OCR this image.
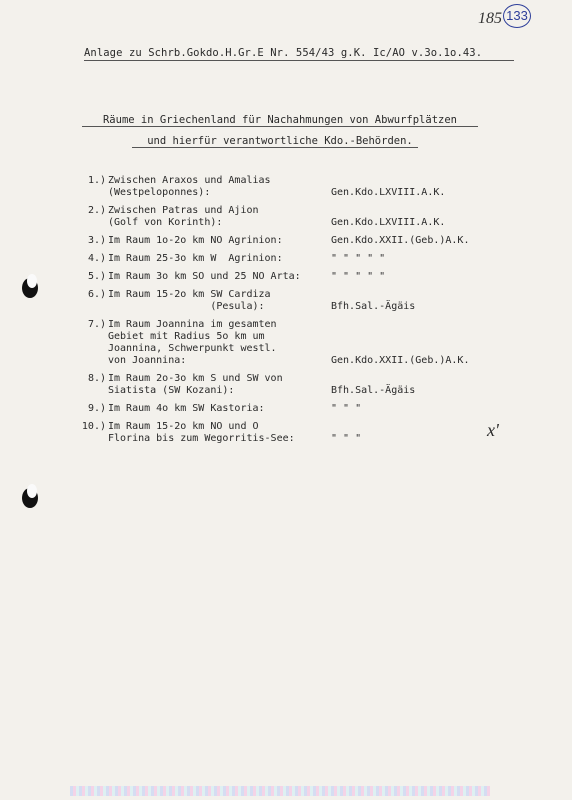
185 133
Anlage zu Schrb.Gokdo.H.Gr.E Nr. 554/43 g.K. Ic/AO v.3o.1o.43.
Räume in Griechenland für Nachahmungen von Abwurfplätzen
und hierfür verantwortliche Kdo.-Behörden.
1.) Zwischen Araxos und Amalias
(Westpeloponnes):	Gen.Kdo.LXVIII.A.K.
2.) Zwischen Patras und Ajion
(Golf von Korinth):	Gen.Kdo.LXVIII.A.K.
3.) Im Raum 1o-2o km NO Agrinion:	Gen.Kdo.XXII.(Geb.)A.K.
4.) Im Raum 25-3o km W  Agrinion:	" " " " "
5.) Im Raum 3o km SO und 25 NO Arta:	" " " " "
6.) Im Raum 15-2o km SW Cardiza
(Pesula):	Bfh.Sal.-Ägäis
7.) Im Raum Joannina im gesamten
Gebiet mit Radius 5o km um
Joannina, Schwerpunkt westl.
von Joannina:	Gen.Kdo.XXII.(Geb.)A.K.
8.) Im Raum 2o-3o km S und SW von
Siatista (SW Kozani):	Bfh.Sal.-Ägäis
9.) Im Raum 4o km SW Kastoria:	" " "
10.) Im Raum 15-2o km NO und O
Florina bis zum Wegorritis-See:	" " "	x'
